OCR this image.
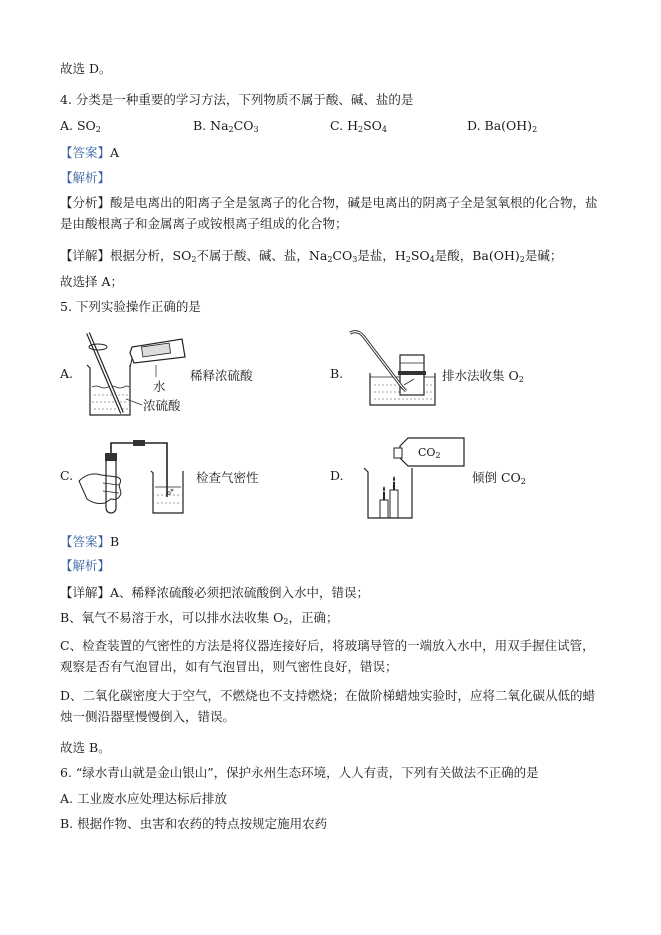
故选 D。
4. 分类是一种重要的学习方法，下列物质不属于酸、碱、盐的是
A. $SO_2$	B. $Na_2CO_3$	C. $H_2SO_4$	D. $Ba(OH)_2$
【答案】A
【解析】
【分析】酸是电离出的阳离子全是氢离子的化合物，碱是电离出的阴离子全是氢氧根的化合物，盐是由酸根离子和金属离子或铵根离子组成的化合物；
【详解】根据分析，$SO_2$不属于酸、碱、盐，$Na_2CO_3$是盐，$H_2SO_4$是酸，$Ba(OH)_2$是碱；
故选择 A；
5. 下列实验操作正确的是
A.	稀释浓硫酸
水
浓硫酸
B.	排水法收集 $O_2$
C.	检查气密性	D.
$CO_2$
倾倒 $CO_2$
【答案】B
【解析】
【详解】A、稀释浓硫酸必须把浓硫酸倒入水中，错误；
B、氧气不易溶于水，可以排水法收集 $O_2$，正确；
C、检查装置的气密性的方法是将仪器连接好后，将玻璃导管的一端放入水中，用双手握住试管，观察是否有气泡冒出，如有气泡冒出，则气密性良好，错误；
D、二氧化碳密度大于空气，不燃烧也不支持燃烧；在做阶梯蜡烛实验时，应将二氧化碳从低的蜡烛一侧沿器壁慢慢倒入，错误。
故选 B。
6. “绿水青山就是金山银山”，保护永州生态环境，人人有责，下列有关做法不正确的是
A. 工业废水应处理达标后排放
B. 根据作物、虫害和农药的特点按规定施用农药
